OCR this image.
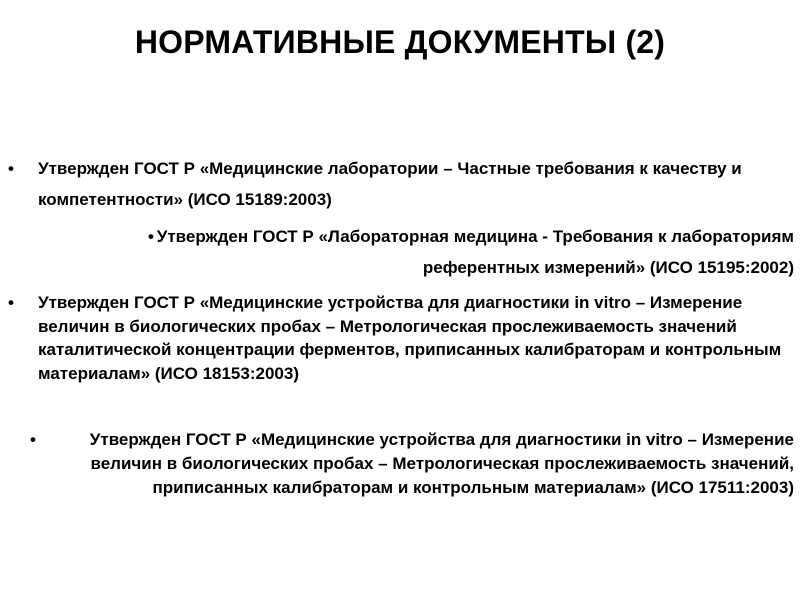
НОРМАТИВНЫЕ ДОКУМЕНТЫ (2)
• Утвержден ГОСТ Р «Медицинские лаборатории – Частные требования к качеству и компетентности» (ИСО 15189:2003)
• Утвержден ГОСТ Р «Лабораторная медицина - Требования к лабораториям референтных измерений» (ИСО 15195:2002)
• Утвержден ГОСТ Р «Медицинские устройства для диагностики in vitro – Измерение величин в биологических пробах – Метрологическая прослеживаемость значений каталитической концентрации ферментов, приписанных калибраторам и контрольным материалам» (ИСО 18153:2003)
•	Утвержден ГОСТ Р «Медицинские устройства для диагностики in vitro – Измерение величин в биологических пробах – Метрологическая прослеживаемость значений, приписанных калибраторам и контрольным материалам» (ИСО 17511:2003)
